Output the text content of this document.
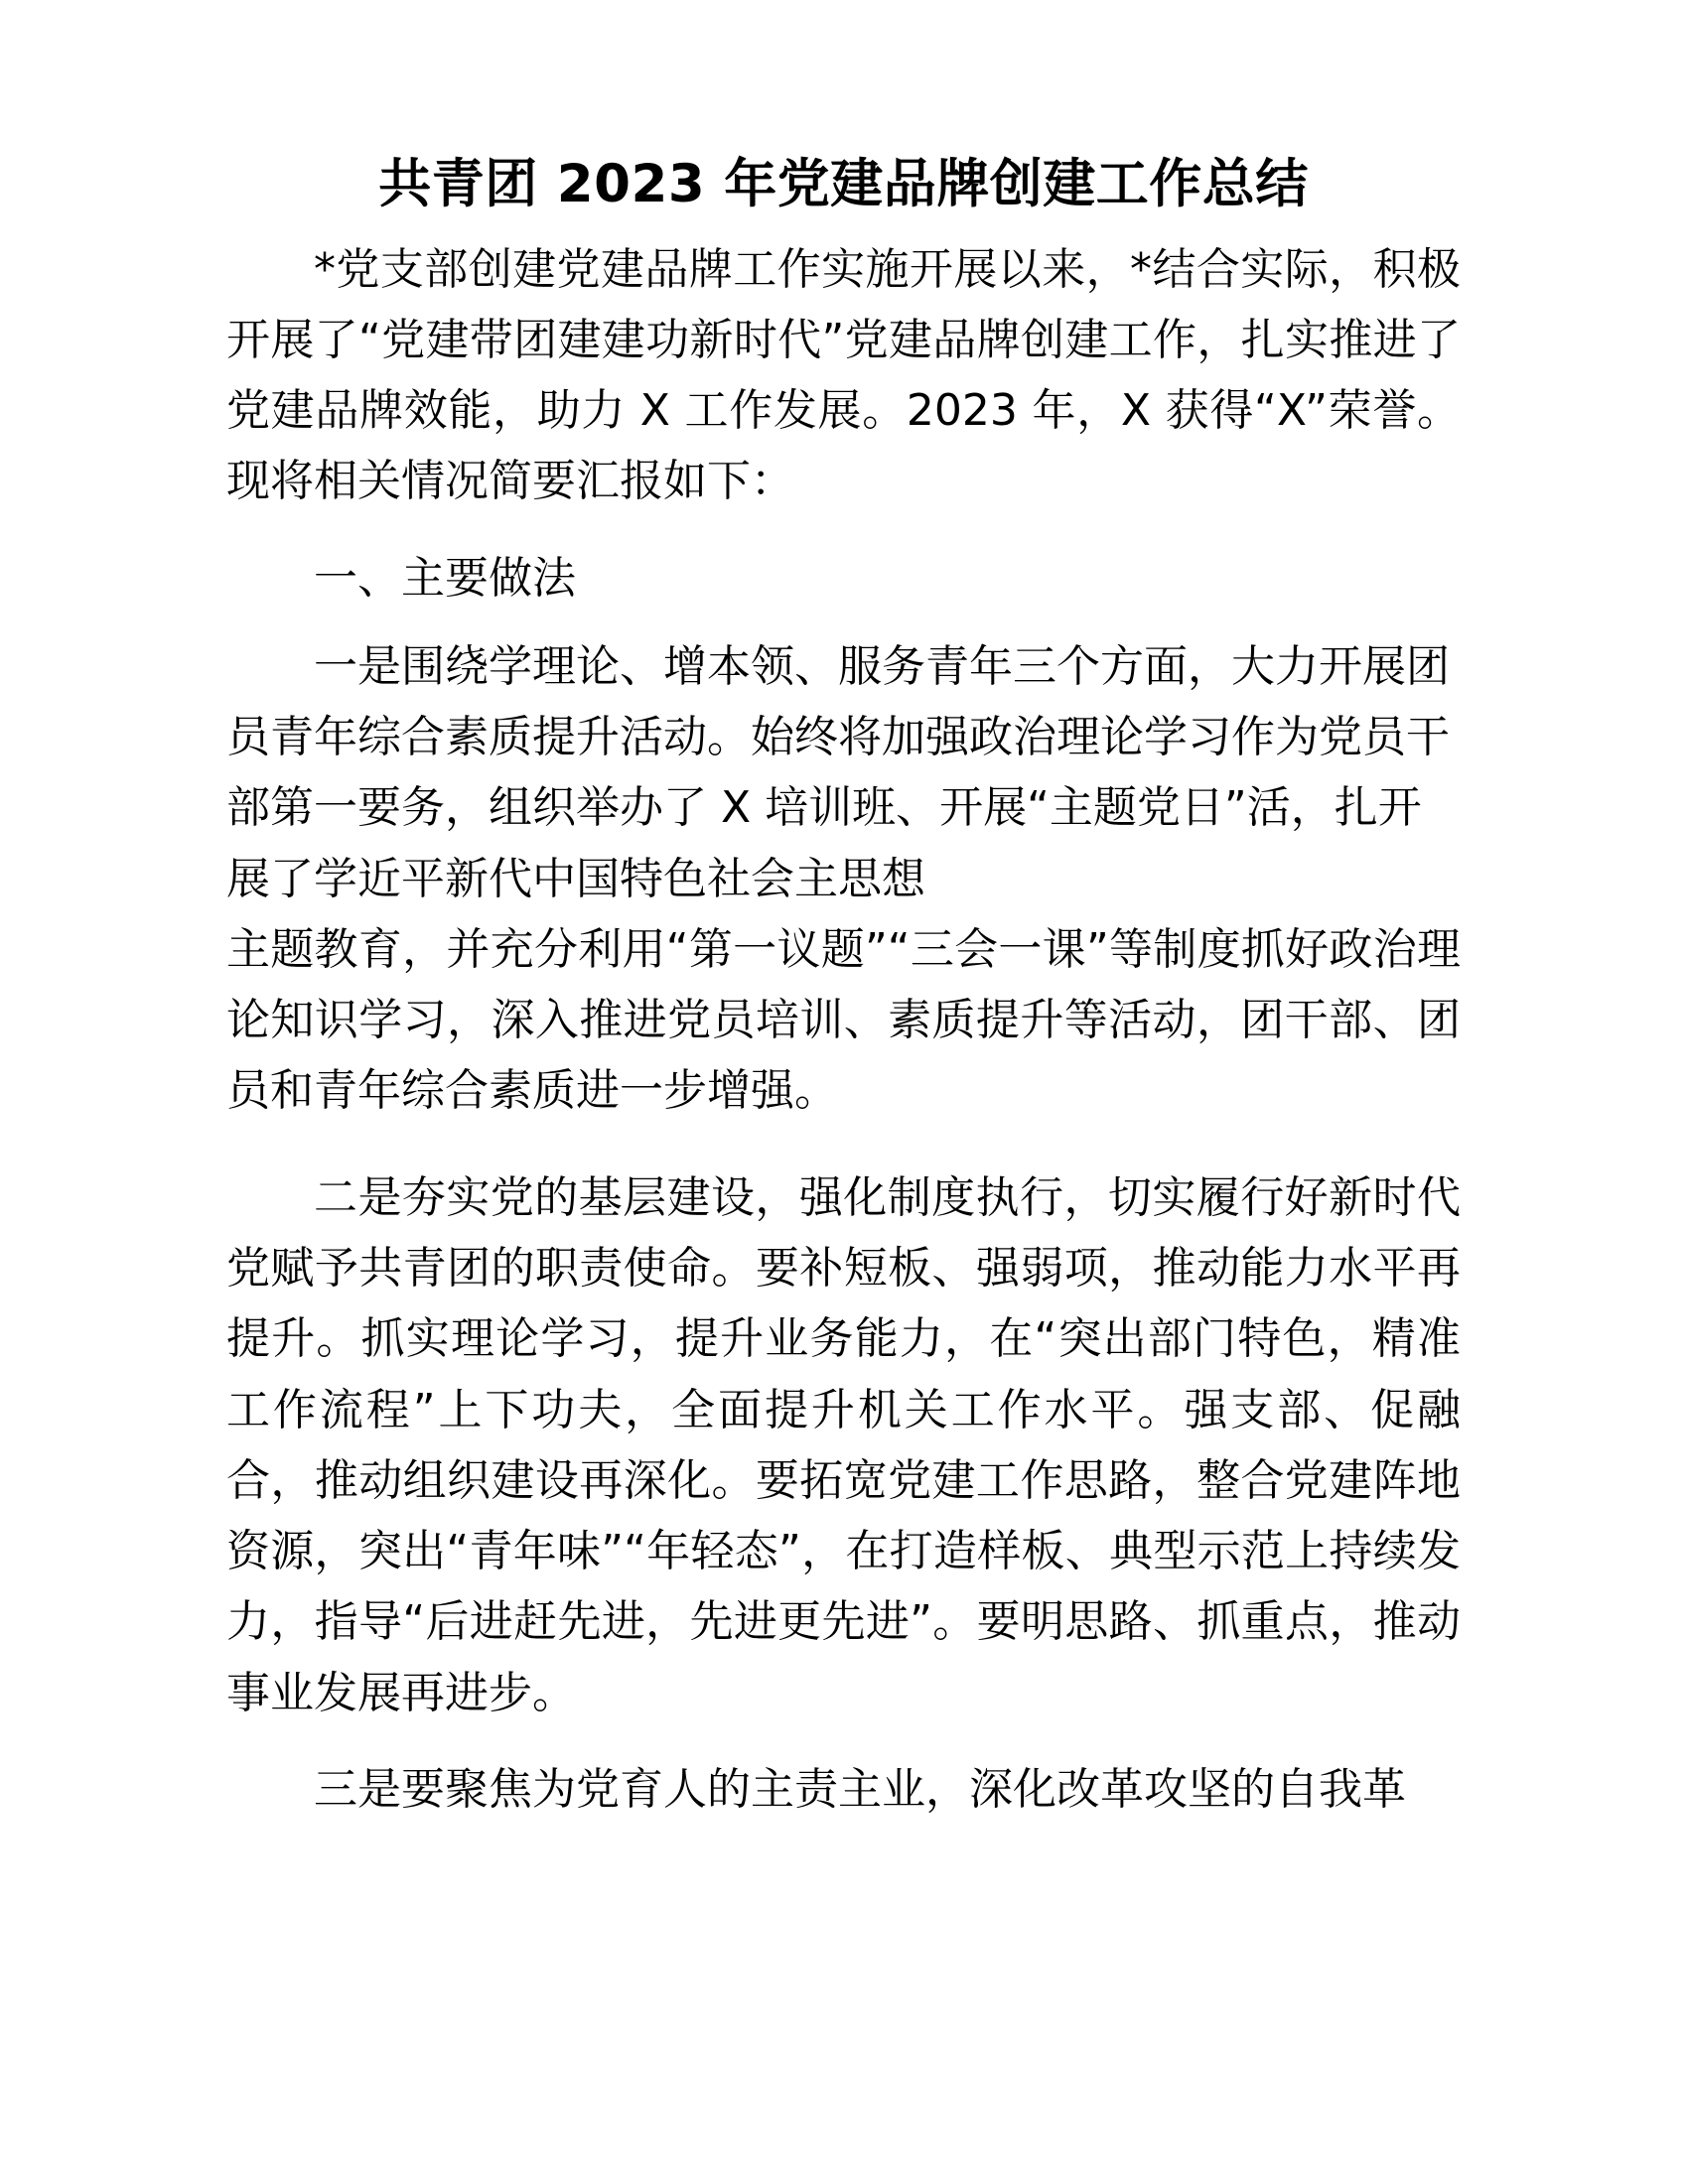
共青团 2023 年党建品牌创建工作总结

*党支部创建党建品牌工作实施开展以来，*结合实际，积极开展了“党建带团建建功新时代”党建品牌创建工作，扎实推进了党建品牌效能，助力 X 工作发展。2023 年，X 获得“X”荣誉。现将相关情况简要汇报如下：

一、主要做法

一是围绕学理论、增本领、服务青年三个方面，大力开展团员青年综合素质提升活动。始终将加强政治理论学习作为党员干部第一要务，组织举办了 X 培训班、开展“主题党日”活，扎开展了学近平新代中国特色社会主思想

主题教育，并充分利用“第一议题”“三会一课”等制度抓好政治理论知识学习，深入推进党员培训、素质提升等活动，团干部、团员和青年综合素质进一步增强。

二是夯实党的基层建设，强化制度执行，切实履行好新时代党赋予共青团的职责使命。要补短板、强弱项，推动能力水平再提升。抓实理论学习，提升业务能力，在“突出部门特色，精准工作流程”上下功夫，全面提升机关工作水平。强支部、促融合，推动组织建设再深化。要拓宽党建工作思路，整合党建阵地资源，突出“青年味”“年轻态”，在打造样板、典型示范上持续发力，指导“后进赶先进，先进更先进”。要明思路、抓重点，推动事业发展再进步。

三是要聚焦为党育人的主责主业，深化改革攻坚的自我革
